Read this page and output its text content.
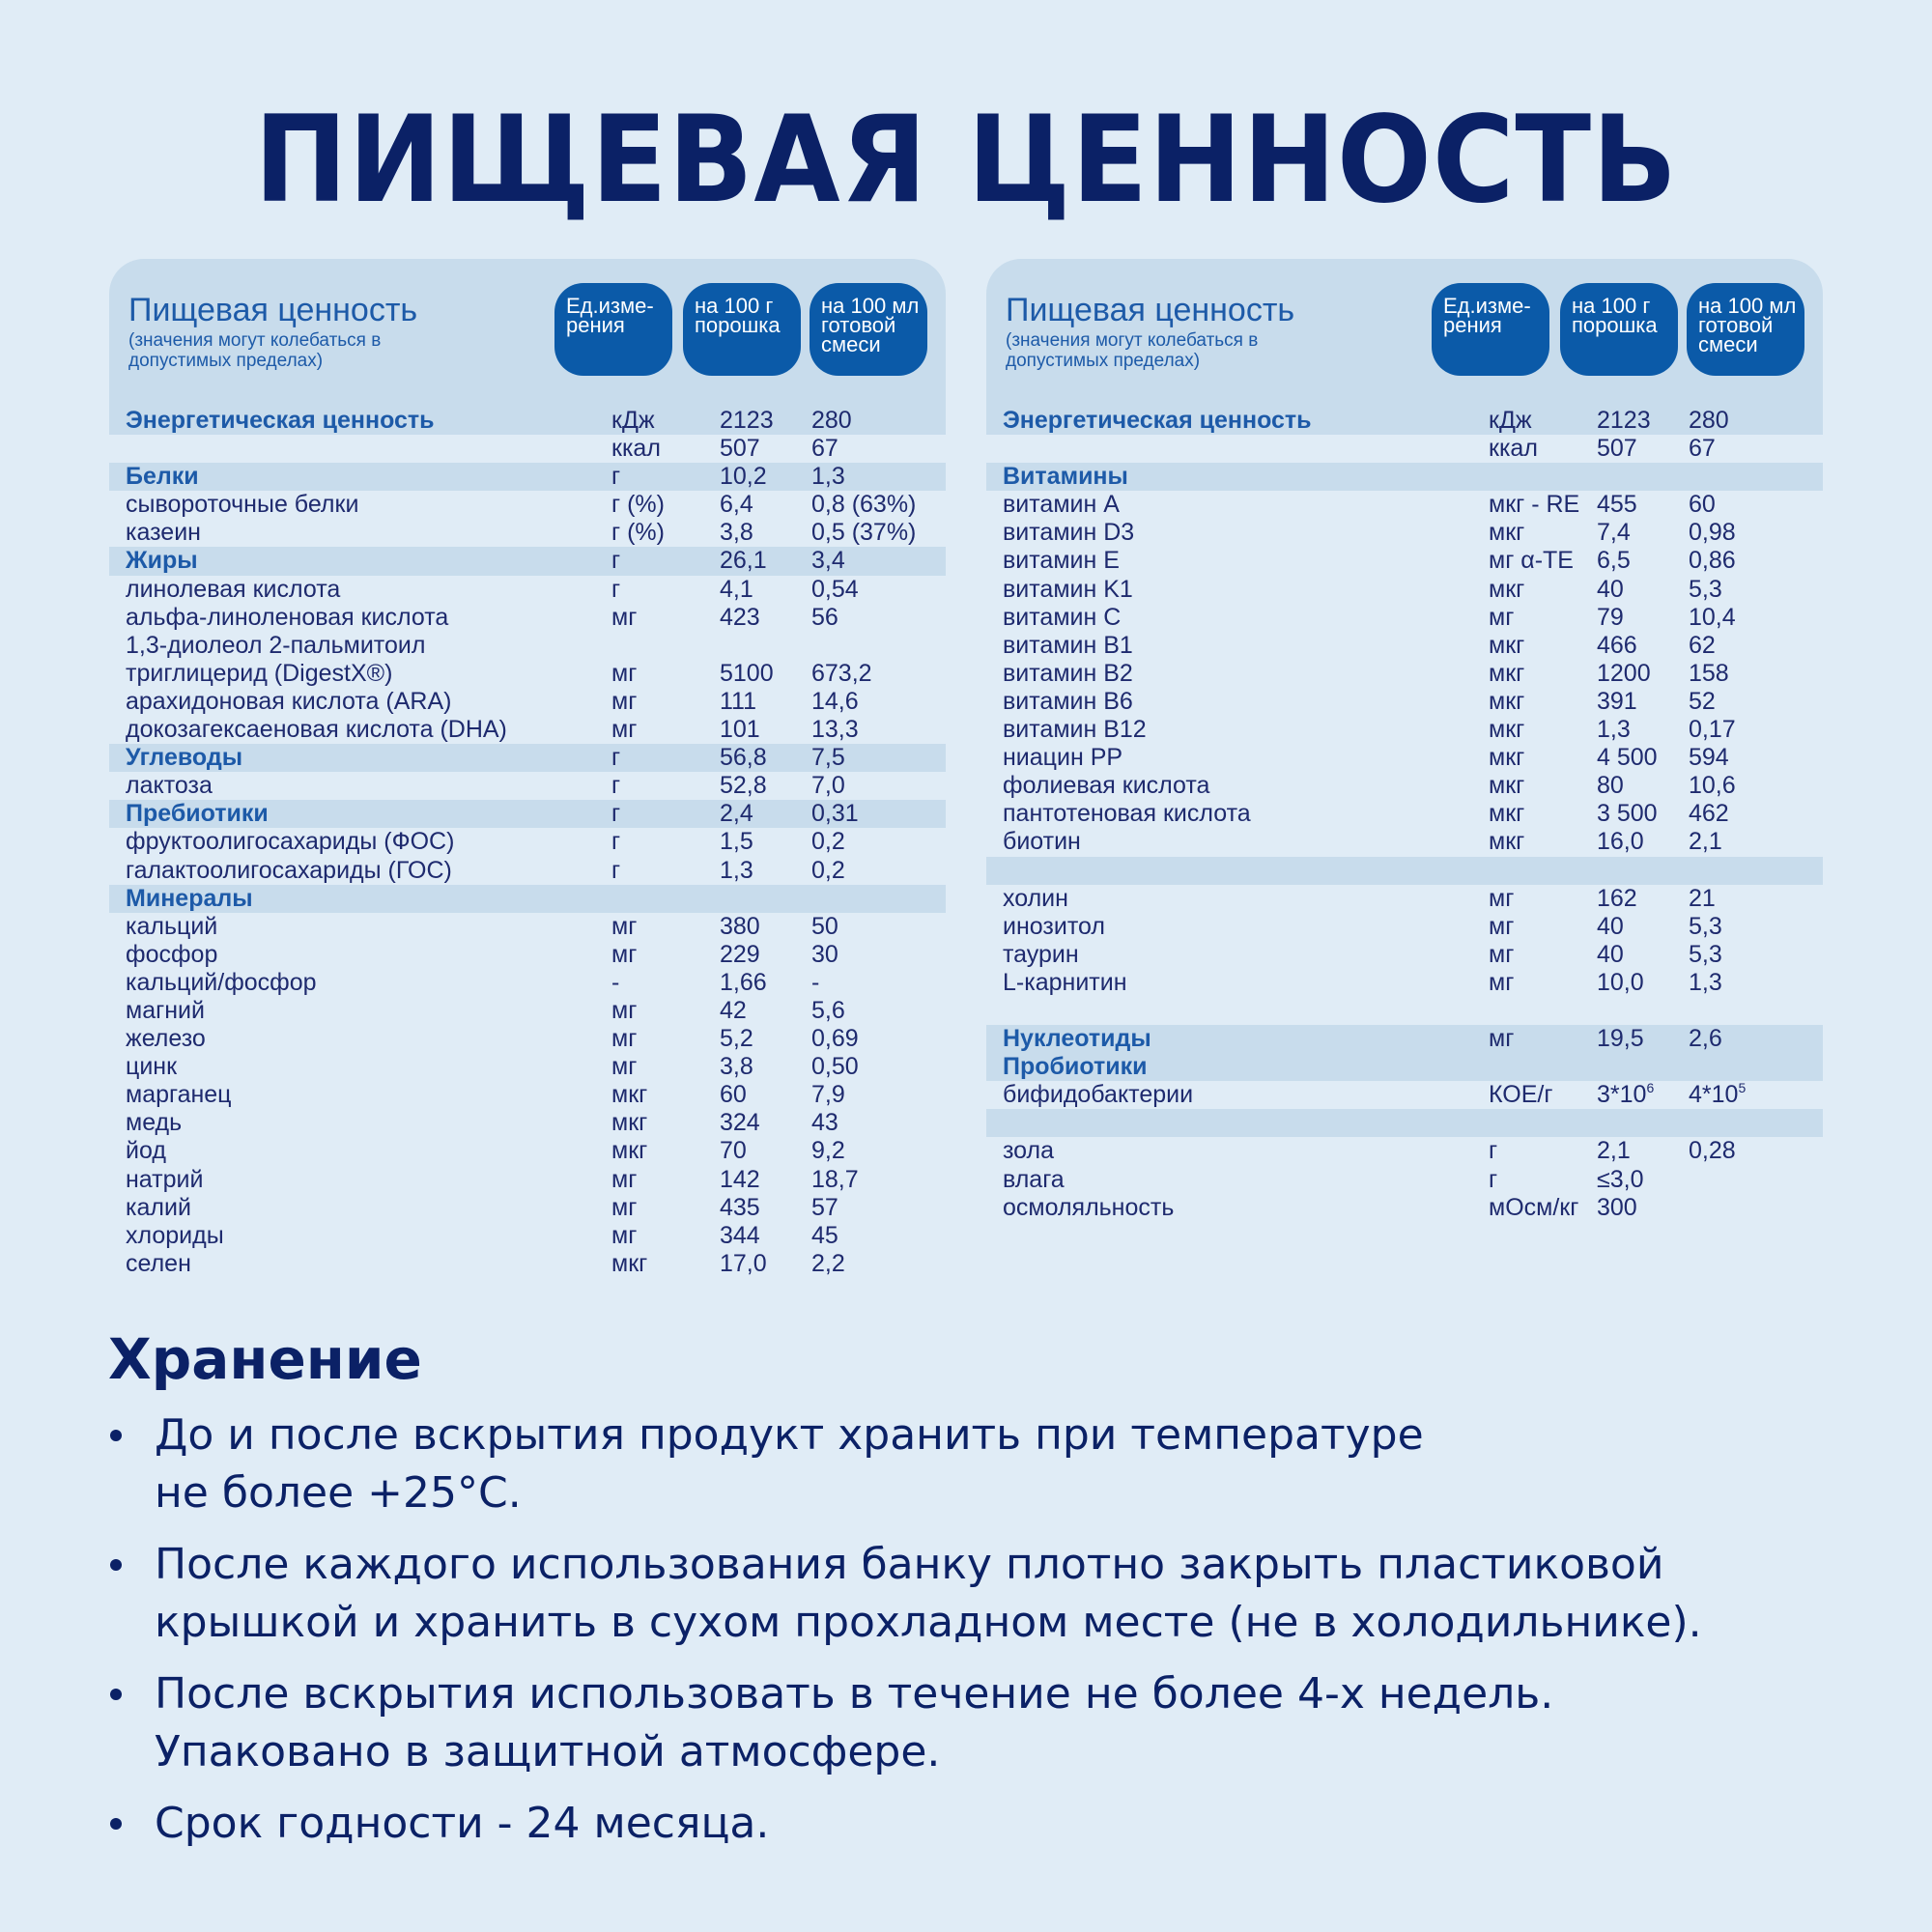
ПИЩЕВАЯ ЦЕННОСТЬ
Пищевая ценность
(значения могут колебаться в
допустимых пределах)
Ед.изме-
рения
на 100 г
порошка
на 100 мл
готовой
смеси
Энергетическая ценность	кДж	2123 280
ккал 507 67
Белки	г	10,2 1,3
сывороточные белки	г (%) 6,4 0,8 (63%)
казеин	г (%) 3,8 0,5 (37%)
Жиры	г	26,1 3,4
линолевая кислота	г	4,1 0,54
альфа-линоленовая кислота	мг	423 56
1,3-диолеол 2-пальмитоил
триглицерид (DigestX®)	мг	5100 673,2
арахидоновая кислота (ARA)	мг	111 14,6
докозагексаеновая кислота (DHA)	мг	101 13,3
Углеводы	г	56,8 7,5
лактоза	г	52,8 7,0
Пребиотики	г	2,4 0,31
фруктоолигосахариды (ФОС)	г	1,5 0,2
галактоолигосахариды (ГОС)	г	1,3 0,2
Минералы
кальций	мг	380 50
фосфор	мг	229 30
кальций/фосфор	-	1,66 -
магний	мг	42	5,6
железо	мг	5,2 0,69
цинк	мг	3,8 0,50
марганец	мкг	60	7,9
медь	мкг	324 43
йод	мкг	70	9,2
натрий	мг	142 18,7
калий	мг	435 57
хлориды	мг	344 45
селен	мкг	17,0 2,2
Пищевая ценность
(значения могут колебаться в
допустимых пределах)
Ед.изме-
рения
на 100 г
порошка
на 100 мл
готовой
смеси
Энергетическая ценность	кДж	2123 280
ккал 507 67
Витамины
витамин A	мкг - RE 455 60
витамин D3	мкг	7,4 0,98
витамин E	мг α-TE 6,5 0,86
витамин K1	мкг	40	5,3
витамин C	мг	79	10,4
витамин B1	мкг	466 62
витамин B2	мкг	1200 158
витамин B6	мкг	391 52
витамин B12	мкг	1,3 0,17
ниацин PP	мкг	4 500 594
фолиевая кислота	мкг	80	10,6
пантотеновая кислота	мкг	3 500 462
биотин	мкг	16,0 2,1
холин	мг	162 21
инозитол	мг	40	5,3
таурин	мг	40	5,3
L-карнитин	мг	10,0 1,3
Нуклеотиды	мг	19,5 2,6
Пробиотики
бифидобактерии	КОЕ/г $3*10^6$ $4*10^5$
зола	г	2,1 0,28
влага	г	≤3,0
осмоляльность	мОсм/кг 300
Хранение
До и после вскрытия продукт хранить при температуре
не более +25°C.
После каждого использования банку плотно закрыть пластиковой
крышкой и хранить в сухом прохладном месте (не в холодильнике).
После вскрытия использовать в течение не более 4-х недель.
Упаковано в защитной атмосфере.
Срок годности - 24 месяца.
